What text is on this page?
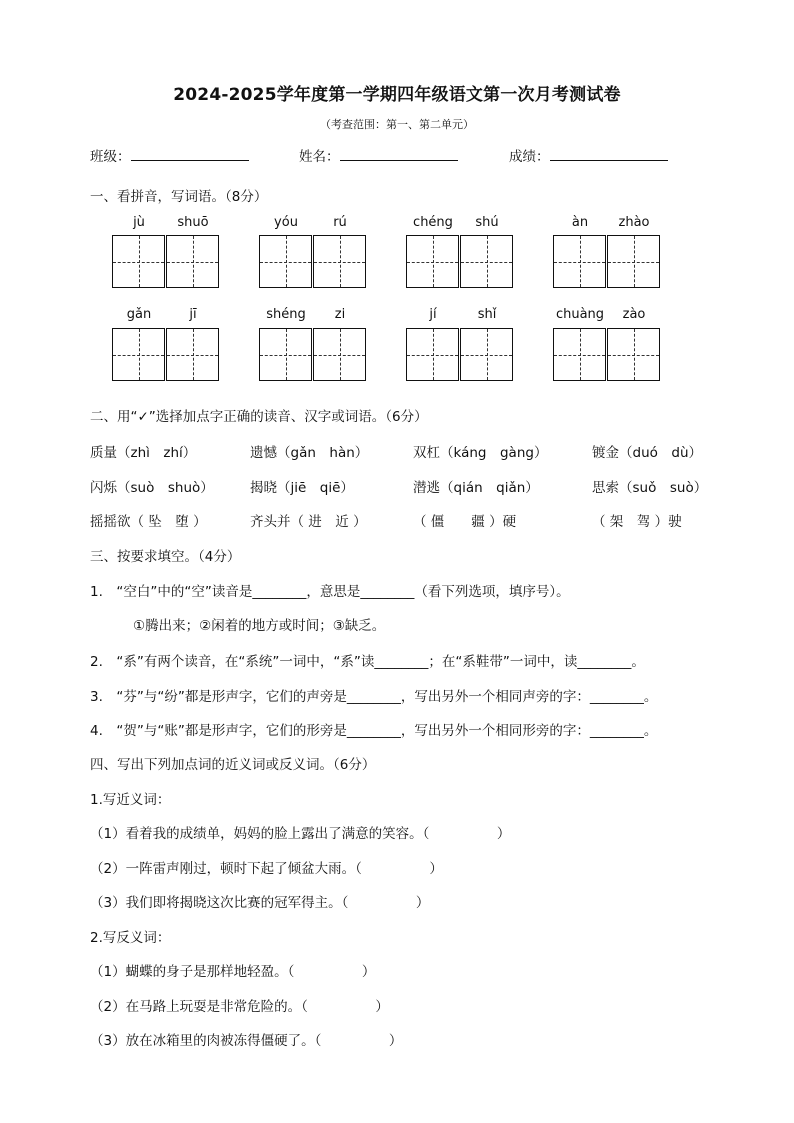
2024-2025学年度第一学期四年级语文第一次月考测试卷
（考查范围：第一、第二单元）
班级：	姓名：	成绩：
一、看拼音，写词语。（8分）
jù	shuō	yóu	rú	chéng	shú	àn	zhào
gǎn	jī	shéng	zi	jí	shǐ	chuàng	zào
二、用“✓”选择加点字正确的读音、汉字或词语。（6分）
质量（zhì　zhí）	遗憾（gǎn　hàn）	双杠（káng　gàng）	镀金（duó　dù）
闪烁（suò　shuò）	揭晓（jiē　qiē）	潜逃（qián　qiǎn）	思索（suǒ　suò）
摇摇欲（ 坠　堕 ）	齐头并（ 进　近 ）	（ 僵　　疆 ）硬	（ 架　驾 ）驶
三、按要求填空。（4分）
1.　“空白”中的“空”读音是________，意思是________（看下列选项，填序号）。
①腾出来；②闲着的地方或时间；③缺乏。
2.　“系”有两个读音，在“系统”一词中，“系”读________；在“系鞋带”一词中，读________。
3.　“芬”与“纷”都是形声字，它们的声旁是________，写出另外一个相同声旁的字：________。
4.　“贺”与“账”都是形声字，它们的形旁是________，写出另外一个相同形旁的字：________。
四、写出下列加点词的近义词或反义词。（6分）
1.写近义词：
（1）看着我的成绩单，妈妈的脸上露出了满意的笑容。（　　　　　）
（2）一阵雷声刚过，顿时下起了倾盆大雨。（　　　　　）
（3）我们即将揭晓这次比赛的冠军得主。（　　　　　）
2.写反义词：
（1）蝴蝶的身子是那样地轻盈。（　　　　　）
（2）在马路上玩耍是非常危险的。（　　　　　）
（3）放在冰箱里的肉被冻得僵硬了。（　　　　　）
